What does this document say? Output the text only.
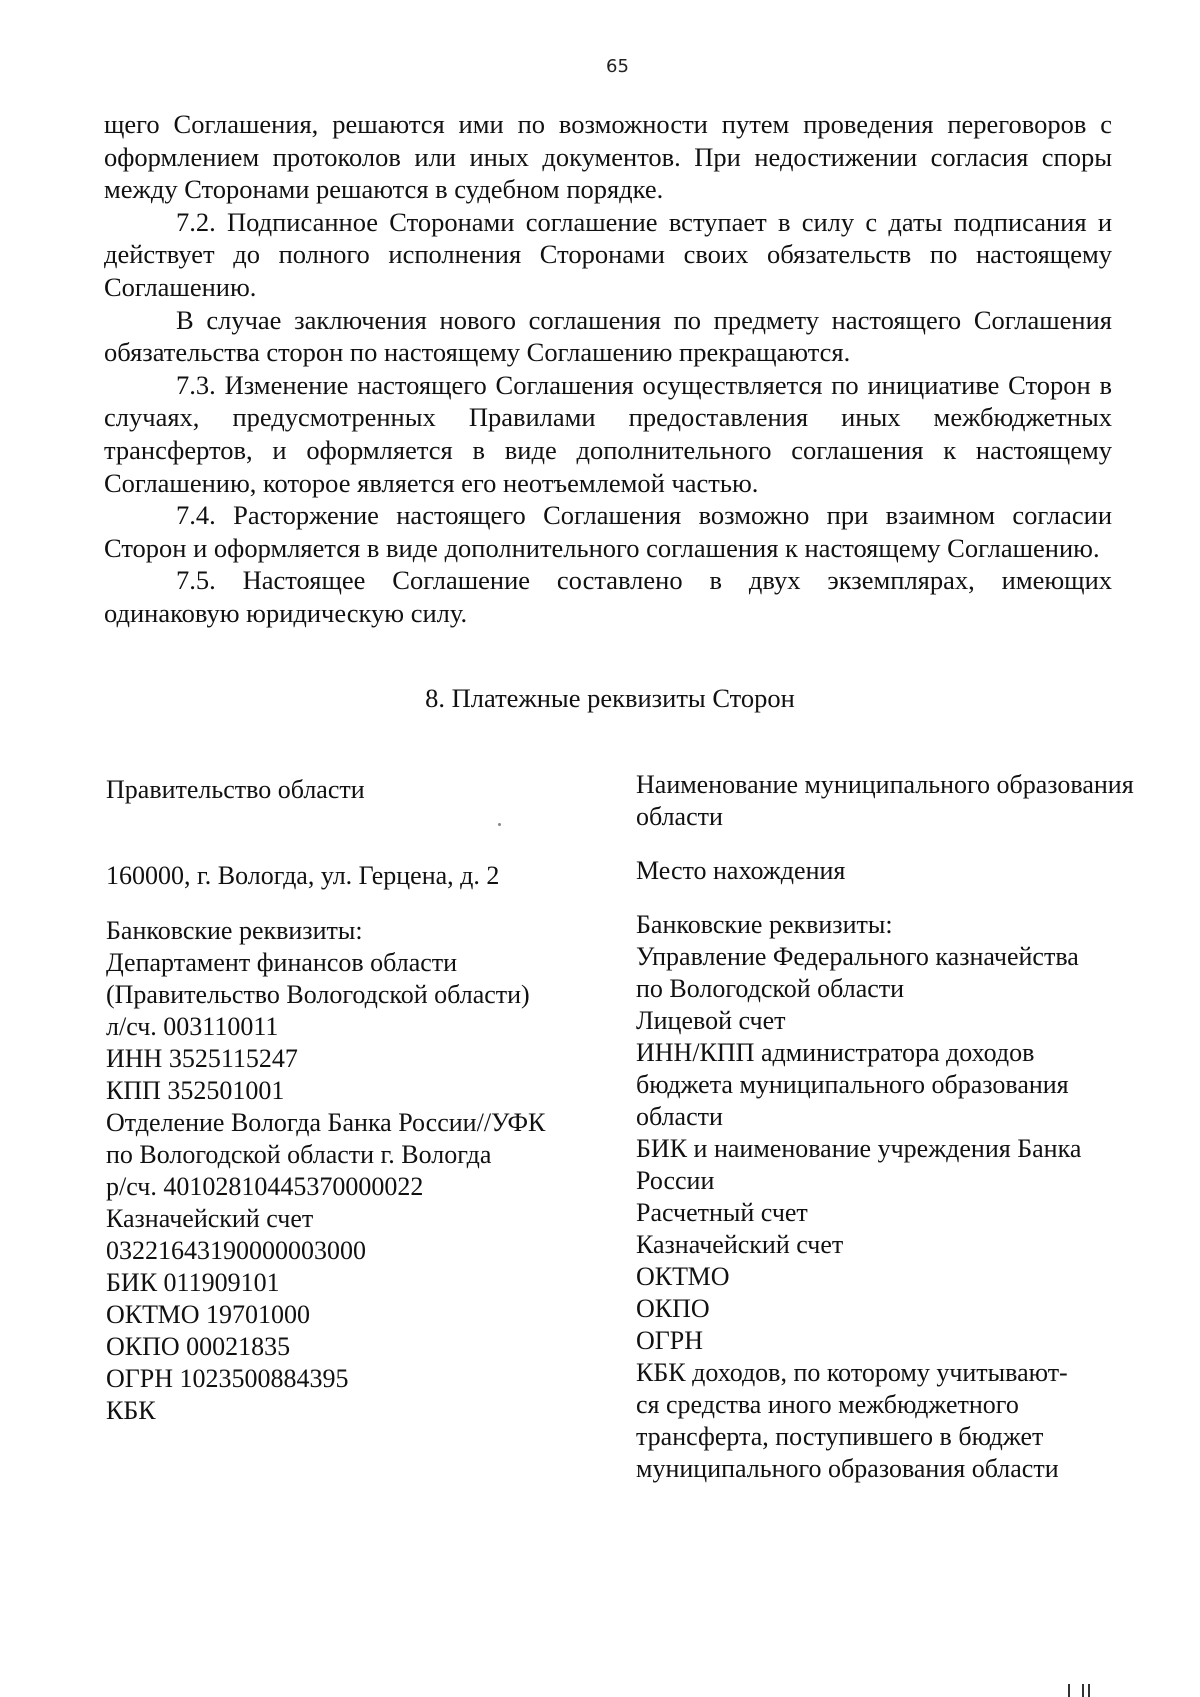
65

щего Соглашения, решаются ими по возможности путем проведения переговоров с оформлением протоколов или иных документов. При недостижении согласия споры между Сторонами решаются в судебном порядке.

7.2. Подписанное Сторонами соглашение вступает в силу с даты подписания и действует до полного исполнения Сторонами своих обязательств по настоящему Соглашению.

В случае заключения нового соглашения по предмету настоящего Соглашения обязательства сторон по настоящему Соглашению прекращаются.

7.3. Изменение настоящего Соглашения осуществляется по инициативе Сторон в случаях, предусмотренных Правилами предоставления иных межбюджетных трансфертов, и оформляется в виде дополнительного соглашения к настоящему Соглашению, которое является его неотъемлемой частью.

7.4. Расторжение настоящего Соглашения возможно при взаимном согласии Сторон и оформляется в виде дополнительного соглашения к настоящему Соглашению.

7.5. Настоящее Соглашение составлено в двух экземплярах, имеющих одинаковую юридическую силу.

8. Платежные реквизиты Сторон
Правительство области
160000, г. Вологда, ул. Герцена, д. 2
Банковские реквизиты:
Департамент финансов области
(Правительство Вологодской области)
л/сч. 003110011
ИНН 3525115247
КПП 352501001
Отделение Вологда Банка России//УФК
по Вологодской области г. Вологда
р/сч. 40102810445370000022
Казначейский счет
03221643190000003000
БИК 011909101
ОКТМО 19701000
ОКПО 00021835
ОГРН 1023500884395
КБК
Наименование муниципального образования области
Место нахождения
Банковские реквизиты:
Управление Федерального казначейства
по Вологодской области
Лицевой счет
ИНН/КПП администратора доходов
бюджета муниципального образования
области
БИК и наименование учреждения Банка
России
Расчетный счет
Казначейский счет
ОКТМО
ОКПО
ОГРН
КБК доходов, по которому учитывают-
ся средства иного межбюджетного
трансферта, поступившего в бюджет
муниципального образования области
